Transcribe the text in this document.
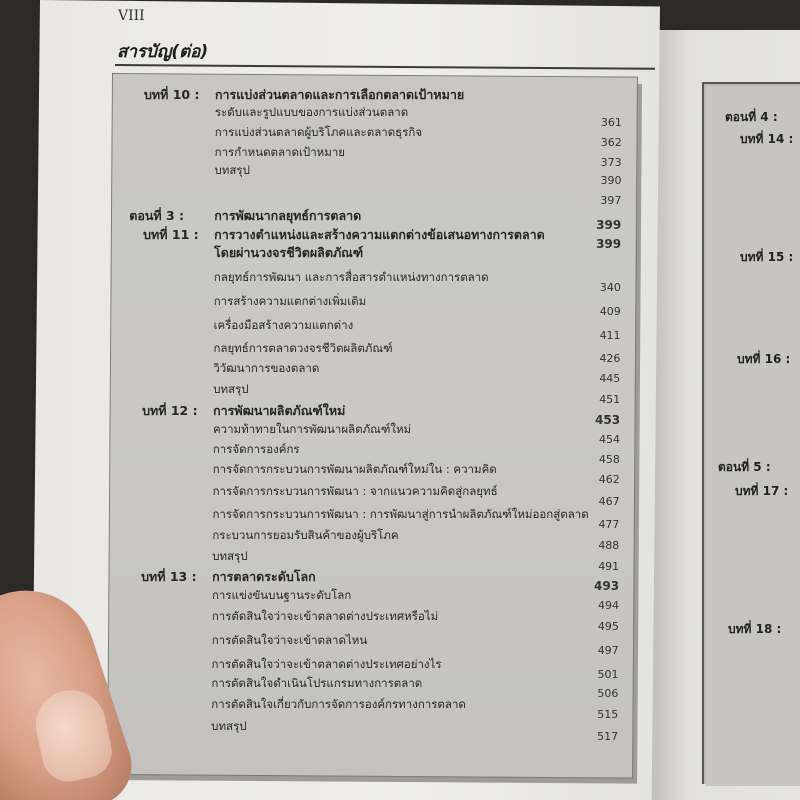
VIII
สารบัญ(ต่อ)
บทที่ 10 : การแบ่งส่วนตลาดและการเลือกตลาดเป้าหมาย
ระดับและรูปแบบของการแบ่งส่วนตลาด
361
การแบ่งส่วนตลาดผู้บริโภคและตลาดธุรกิจ
362
การกำหนดตลาดเป้าหมาย
373
บทสรุป
390
397
ตอนที่ 3 : การพัฒนากลยุทธ์การตลาด
399
บทที่ 11 : การวางตำแหน่งและสร้างความแตกต่างข้อเสนอทางการตลาด
399
โดยผ่านวงจรชีวิตผลิตภัณฑ์
กลยุทธ์การพัฒนา และการสื่อสารตำแหน่งทางการตลาด
340
การสร้างความแตกต่างเพิ่มเติม
409
เครื่องมือสร้างความแตกต่าง
411
กลยุทธ์การตลาดวงจรชีวิตผลิตภัณฑ์
426
วิวัฒนาการของตลาด
445
บทสรุป
451
บทที่ 12 : การพัฒนาผลิตภัณฑ์ใหม่
453
ความท้าทายในการพัฒนาผลิตภัณฑ์ใหม่
454
การจัดการองค์กร
458
การจัดการกระบวนการพัฒนาผลิตภัณฑ์ใหม่ใน : ความคิด
462
การจัดการกระบวนการพัฒนา : จากแนวความคิดสู่กลยุทธ์
467
การจัดการกระบวนการพัฒนา : การพัฒนาสู่การนำผลิตภัณฑ์ใหม่ออกสู่ตลาด
477
กระบวนการยอมรับสินค้าของผู้บริโภค
488
บทสรุป
491
บทที่ 13 : การตลาดระดับโลก
493
การแข่งขันบนฐานระดับโลก
494
การตัดสินใจว่าจะเข้าตลาดต่างประเทศหรือไม่
495
การตัดสินใจว่าจะเข้าตลาดไหน
497
การตัดสินใจว่าจะเข้าตลาดต่างประเทศอย่างไร
501
การตัดสินใจดำเนินโปรแกรมทางการตลาด
506
การตัดสินใจเกี่ยวกับการจัดการองค์กรทางการตลาด
515
บทสรุป
517
ตอนที่ 4 :
บทที่ 14 :
บทที่ 15 :
บทที่ 16 :
ตอนที่ 5 :
บทที่ 17 :
บทที่ 18 :
